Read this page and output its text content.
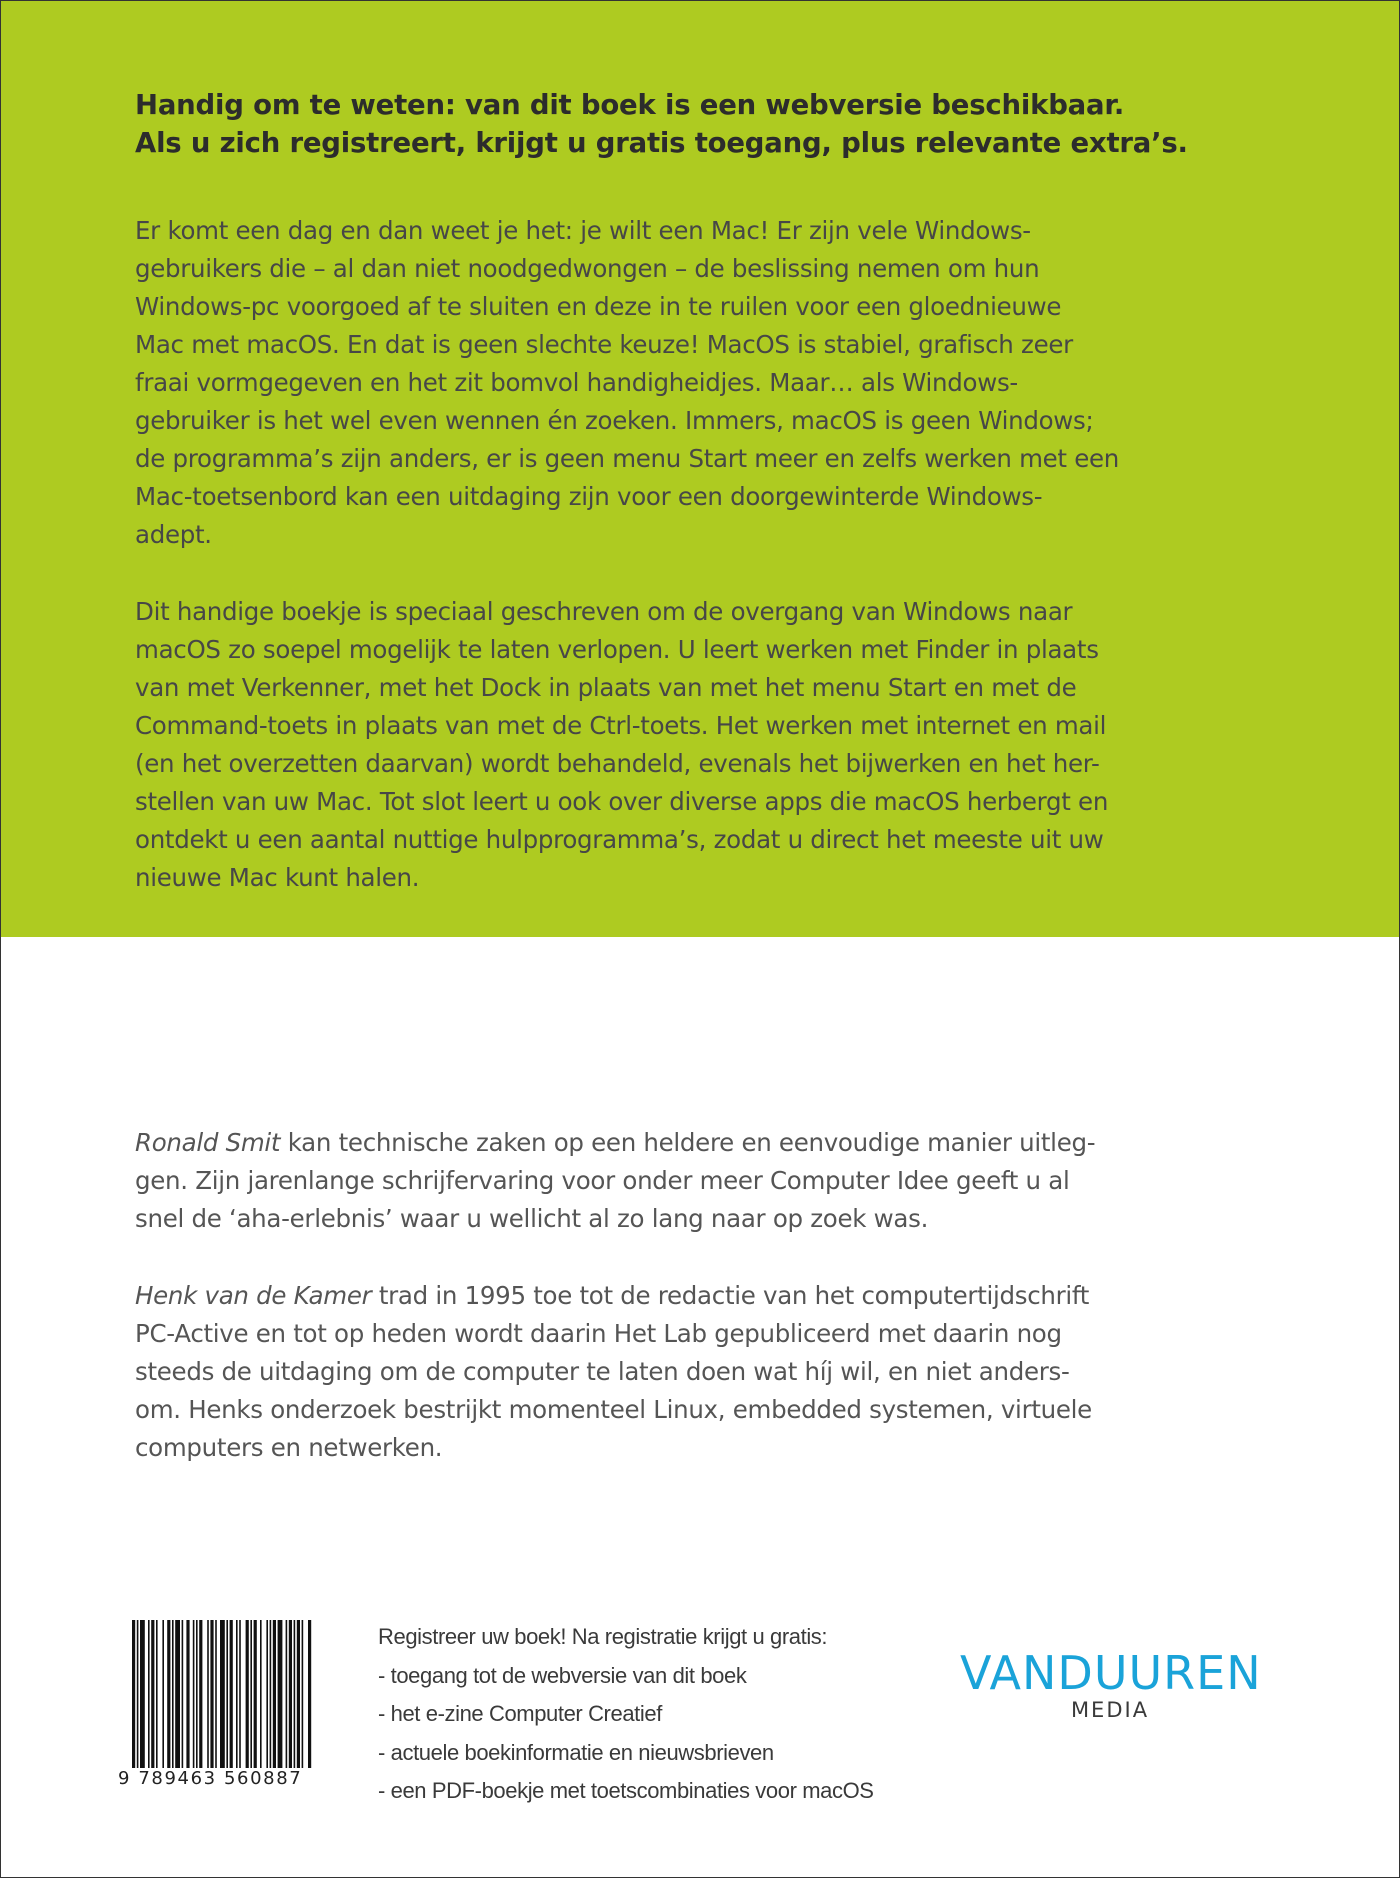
Handig om te weten: van dit boek is een webversie beschikbaar.
Als u zich registreert, krijgt u gratis toegang, plus relevante extra’s.
Er komt een dag en dan weet je het: je wilt een Mac! Er zijn vele Windows-
gebruikers die – al dan niet noodgedwongen – de beslissing nemen om hun
Windows-pc voorgoed af te sluiten en deze in te ruilen voor een gloednieuwe
Mac met macOS. En dat is geen slechte keuze! MacOS is stabiel, grafisch zeer
fraai vormgegeven en het zit bomvol handigheidjes. Maar… als Windows-
gebruiker is het wel even wennen én zoeken. Immers, macOS is geen Windows;
de programma’s zijn anders, er is geen menu Start meer en zelfs werken met een
Mac-toetsenbord kan een uitdaging zijn voor een doorgewinterde Windows-
adept.
Dit handige boekje is speciaal geschreven om de overgang van Windows naar
macOS zo soepel mogelijk te laten verlopen. U leert werken met Finder in plaats
van met Verkenner, met het Dock in plaats van met het menu Start en met de
Command-toets in plaats van met de Ctrl-toets. Het werken met internet en mail
(en het overzetten daarvan) wordt behandeld, evenals het bijwerken en het her-
stellen van uw Mac. Tot slot leert u ook over diverse apps die macOS herbergt en
ontdekt u een aantal nuttige hulpprogramma’s, zodat u direct het meeste uit uw
nieuwe Mac kunt halen.
Ronald Smit kan technische zaken op een heldere en eenvoudige manier uitleg-
gen. Zijn jarenlange schrijfervaring voor onder meer Computer Idee geeft u al
snel de ‘aha-erlebnis’ waar u wellicht al zo lang naar op zoek was.
Henk van de Kamer trad in 1995 toe tot de redactie van het computertijdschrift
PC-Active en tot op heden wordt daarin Het Lab gepubliceerd met daarin nog
steeds de uitdaging om de computer te laten doen wat híj wil, en niet anders-
om. Henks onderzoek bestrijkt momenteel Linux, embedded systemen, virtuele
computers en netwerken.
9 789463 560887
Registreer uw boek! Na registratie krijgt u gratis:
- toegang tot de webversie van dit boek
- het e-zine Computer Creatief
- actuele boekinformatie en nieuwsbrieven
- een PDF-boekje met toetscombinaties voor macOS
VANDUUREN
MEDIA
